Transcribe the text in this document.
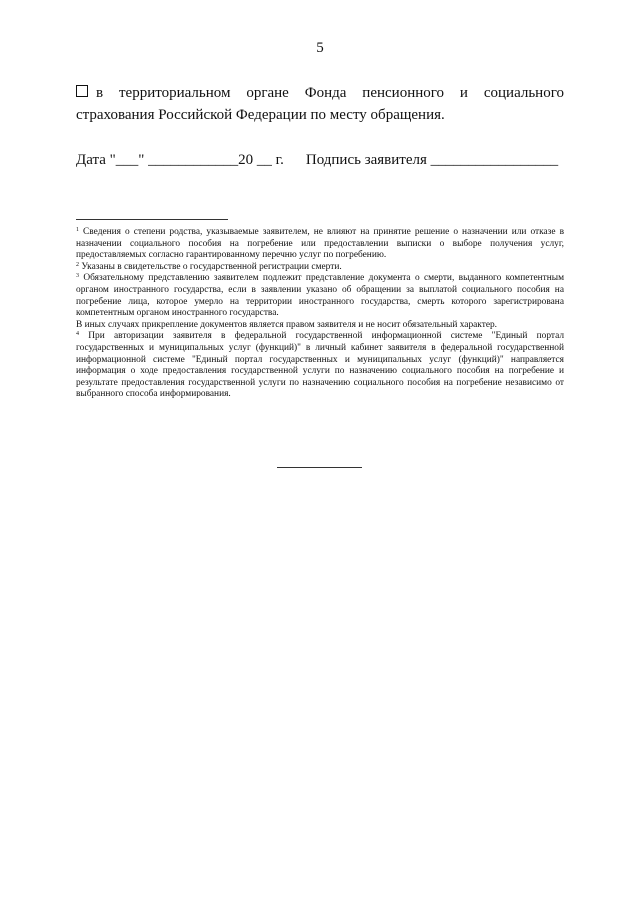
5
в территориальном органе Фонда пенсионного и социального страхования Российской Федерации по месту обращения.
Дата "___" ____________20 __ г. Подпись заявителя _________________

$^1$ Сведения о степени родства, указываемые заявителем, не влияют на принятие решение о назначении или отказе в назначении социального пособия на погребение или предоставлении выписки о выборе получения услуг, предоставляемых согласно гарантированному перечню услуг по погребению.

$^2$ Указаны в свидетельстве о государственной регистрации смерти.

$^3$ Обязательному представлению заявителем подлежит представление документа о смерти, выданного компетентным органом иностранного государства, если в заявлении указано об обращении за выплатой социального пособия на погребение лица, которое умерло на территории иностранного государства, смерть которого зарегистрирована компетентным органом иностранного государства.

В иных случаях прикрепление документов является правом заявителя и не носит обязательный характер.

$^4$ При авторизации заявителя в федеральной государственной информационной системе "Единый портал государственных и муниципальных услуг (функций)" в личный кабинет заявителя в федеральной государственной информационной системе "Единый портал государственных и муниципальных услуг (функций)" направляется информация о ходе предоставления государственной услуги по назначению социального пособия на погребение и результате предоставления государственной услуги по назначению социального пособия на погребение независимо от выбранного способа информирования.
